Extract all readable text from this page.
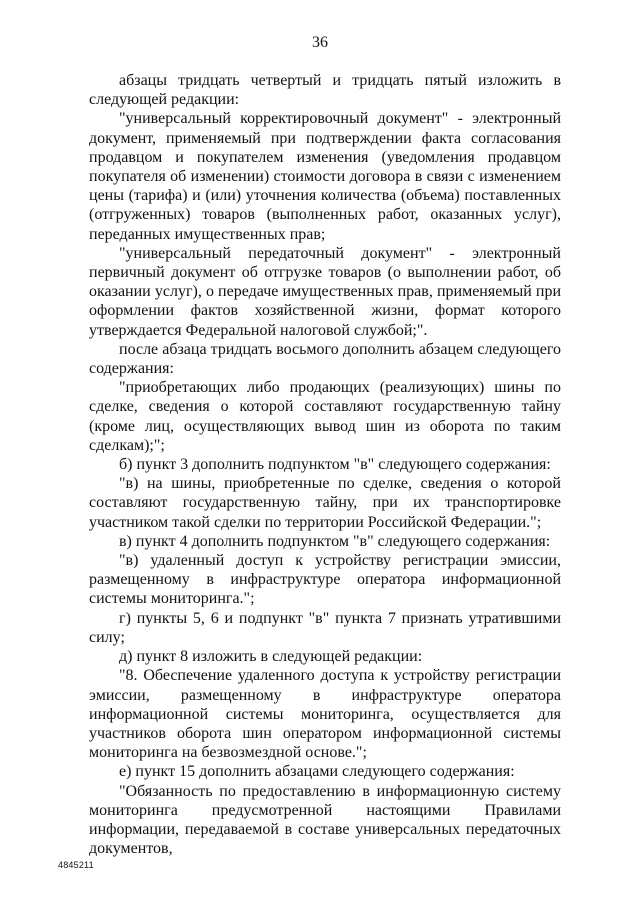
36

абзацы тридцать четвертый и тридцать пятый изложить в следующей редакции:

"универсальный корректировочный документ" - электронный документ, применяемый при подтверждении факта согласования продавцом и покупателем изменения (уведомления продавцом покупателя об изменении) стоимости договора в связи с изменением цены (тарифа) и (или) уточнения количества (объема) поставленных (отгруженных) товаров (выполненных работ, оказанных услуг), переданных имущественных прав;

"универсальный передаточный документ" - электронный первичный документ об отгрузке товаров (о выполнении работ, об оказании услуг), о передаче имущественных прав, применяемый при оформлении фактов хозяйственной жизни, формат которого утверждается Федеральной налоговой службой;".

после абзаца тридцать восьмого дополнить абзацем следующего содержания:

"приобретающих либо продающих (реализующих) шины по сделке, сведения о которой составляют государственную тайну (кроме лиц, осуществляющих вывод шин из оборота по таким сделкам);";

б) пункт 3 дополнить подпунктом "в" следующего содержания:

"в) на шины, приобретенные по сделке, сведения о которой составляют государственную тайну, при их транспортировке участником такой сделки по территории Российской Федерации.";

в) пункт 4 дополнить подпунктом "в" следующего содержания:

"в) удаленный доступ к устройству регистрации эмиссии, размещенному в инфраструктуре оператора информационной системы мониторинга.";

г) пункты 5, 6 и подпункт "в" пункта 7 признать утратившими силу;

д) пункт 8 изложить в следующей редакции:

"8. Обеспечение удаленного доступа к устройству регистрации эмиссии, размещенному в инфраструктуре оператора информационной системы мониторинга, осуществляется для участников оборота шин оператором информационной системы мониторинга на безвозмездной основе.";

е) пункт 15 дополнить абзацами следующего содержания:

"Обязанность по предоставлению в информационную систему мониторинга предусмотренной настоящими Правилами информации, передаваемой в составе универсальных передаточных документов,

4845211
